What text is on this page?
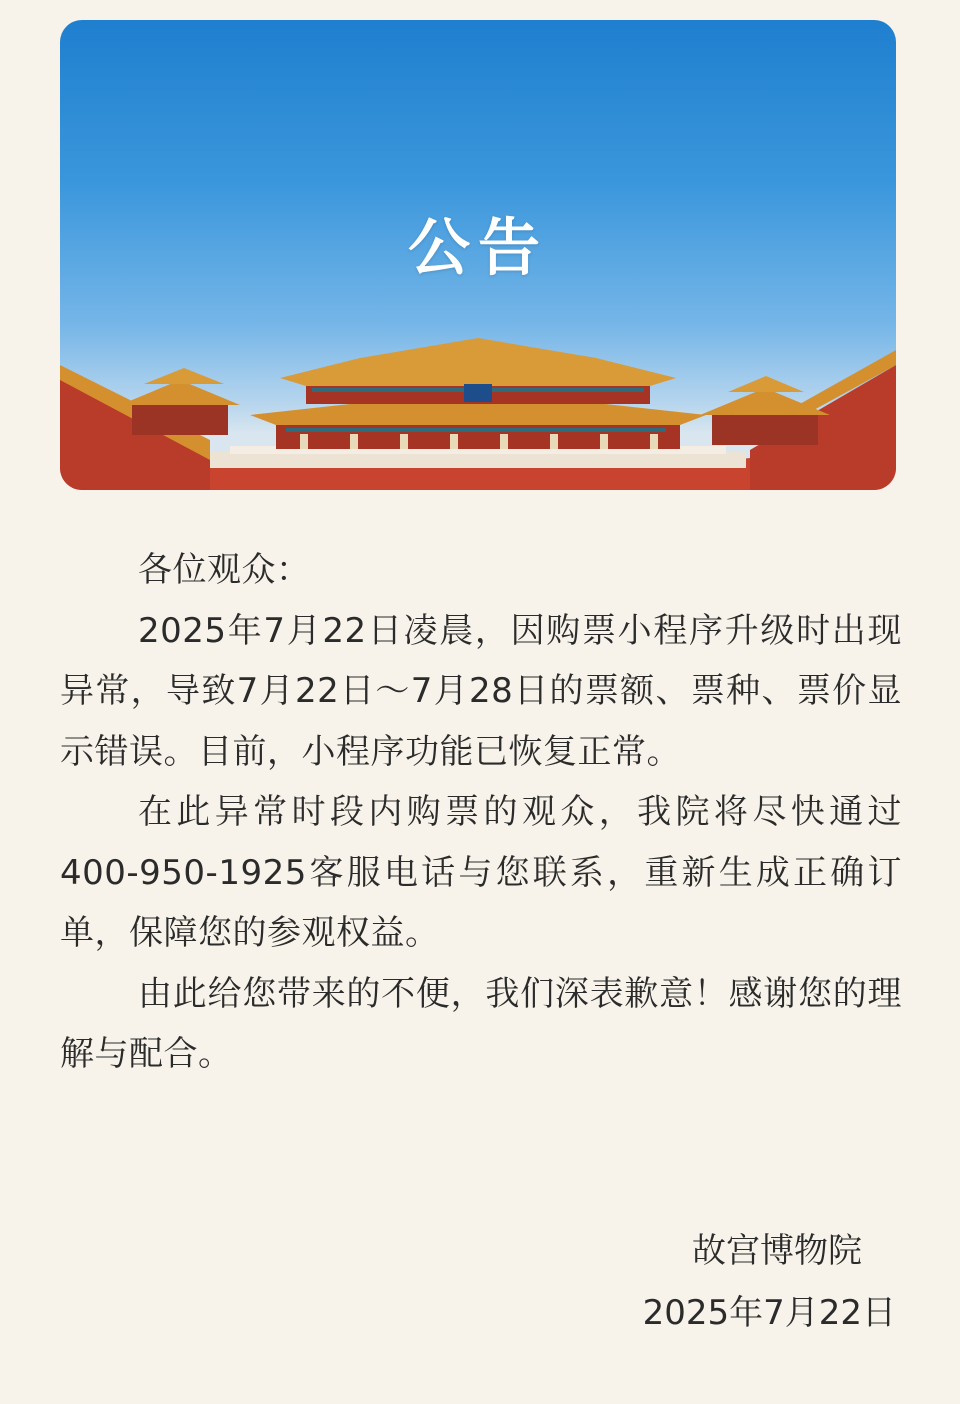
公告

各位观众：

2025年7月22日凌晨，因购票小程序升级时出现异常，导致7月22日～7月28日的票额、票种、票价显示错误。目前，小程序功能已恢复正常。

在此异常时段内购票的观众，我院将尽快通过400-950-1925客服电话与您联系，重新生成正确订单，保障您的参观权益。

由此给您带来的不便，我们深表歉意！感谢您的理解与配合。

故宫博物院
2025年7月22日
